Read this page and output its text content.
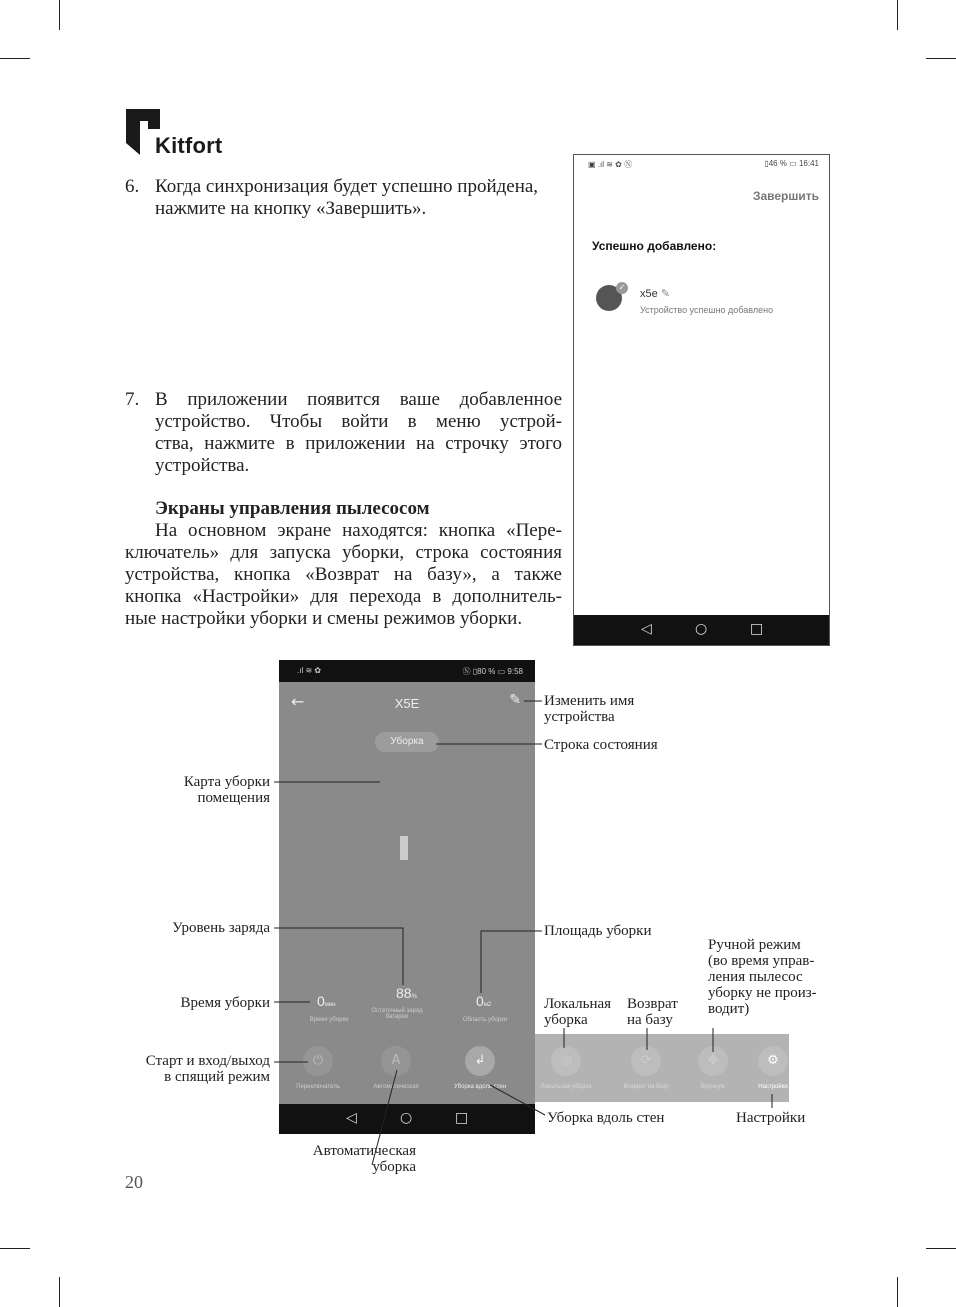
Kitfort
6. Когда синхронизация будет успешно пройдена,
нажмите на кнопку «Завершить».
7. В приложении появится ваше добавленное
устройство. Чтобы войти в меню устрой-
ства, нажмите в приложении на строчку этого
устройства.
Экраны управления пылесосом
На основном экране находятся: кнопка «Пере-
ключатель» для запуска уборки, строка состояния
устройства, кнопка «Возврат на базу», а также
кнопка «Настройки» для перехода в дополнитель-
ные настройки уборки и смены режимов уборки.
▣ .ıl ≋ ✿ Ⓝ	▯46 % ▭ 16:41
Завершить
Успешно добавлено:
✓
x5e ✎
Устройство успешно добавлено
◁	○	□
.ıl ≋ ✿	Ⓝ ▯80 % ▭ 9:58
←	X5E	✎
Уборка
0мин
Время уборки
88%
Остаточный заряд батареи
0м2
Область уборки
⏻
Переключатель
A
Автоматическая
↲
Уборка вдоль стен
◁	○	□
◎
Локальная уборка
⟳
Возврат на базу
✥
Вручную
⚙
Настройки
Изменить имя
устройства
Строка состояния
Карта уборки
помещения
Уровень заряда	Площадь уборки
Ручной режим
(во время управ-
ления пылесос
уборку не произ-
водит)
Время уборки	Локальная
уборка
Возврат
на базу
Старт и вход/выход
в спящий режим
Уборка вдоль стен	Настройки
Автоматическая
уборка
20
